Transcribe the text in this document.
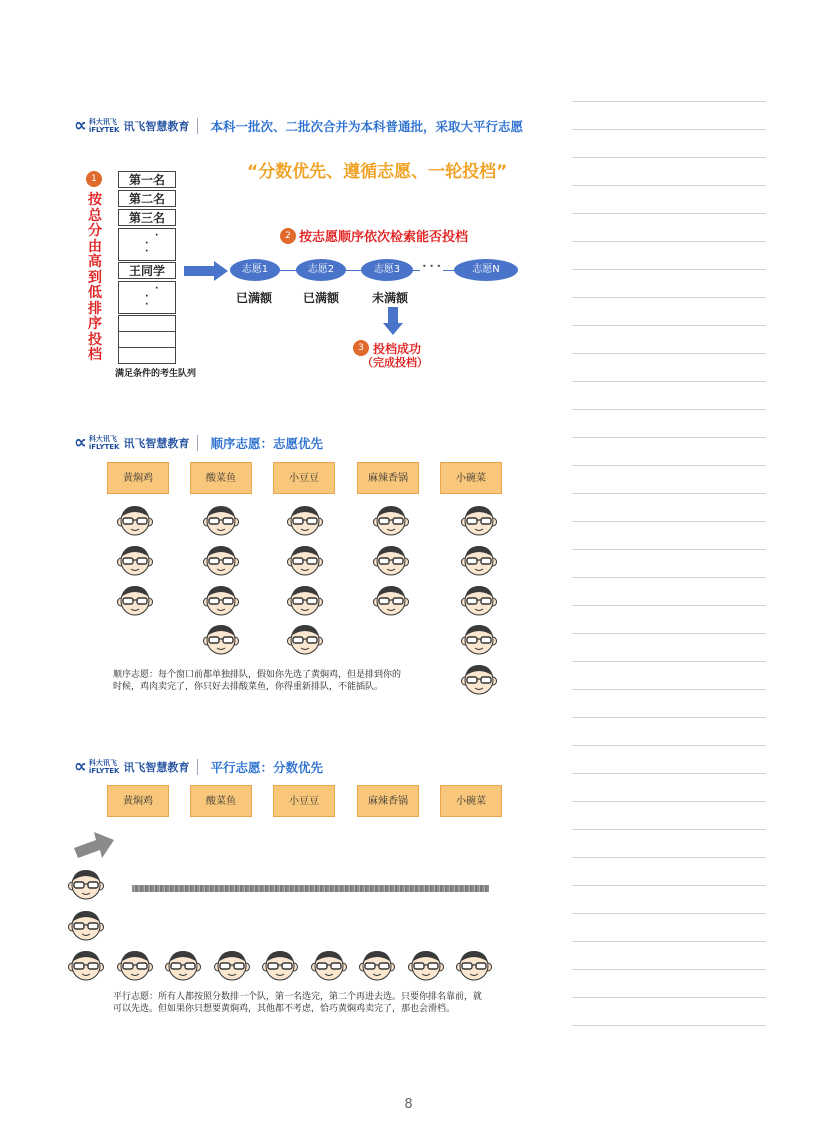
∝ 科大讯飞
iFLYTEK 讯飞智慧教育 本科一批次、二批次合并为本科普通批，采取大平行志愿
“分数优先、遵循志愿、一轮投档”
1
按
总
分
由
高
到
低
排
序
投
档
第一名
第二名
第三名
·
·
·
王同学
·
·
·
满足条件的考生队列
2 按志愿顺序依次检索能否投档
志愿1	志愿2	志愿3	• • •	志愿N
已满额	已满额	未满额
3 投档成功
（完成投档）
∝ 科大讯飞
iFLYTEK 讯飞智慧教育 顺序志愿：志愿优先
黄焖鸡	酸菜鱼	小豆豆	麻辣香锅	小碗菜
顺序志愿：每个窗口前都单独排队，假如你先选了黄焖鸡，但是排到你的
时候，鸡肉卖完了，你只好去排酸菜鱼，你得重新排队，不能插队。
∝ 科大讯飞
iFLYTEK 讯飞智慧教育 平行志愿：分数优先
黄焖鸡	酸菜鱼	小豆豆	麻辣香锅	小碗菜
平行志愿：所有人都按照分数排一个队，第一名选完，第二个再进去选。只要你排名靠前，就
可以先选。但如果你只想要黄焖鸡，其他都不考虑，恰巧黄焖鸡卖完了，那也会滑档。
8
